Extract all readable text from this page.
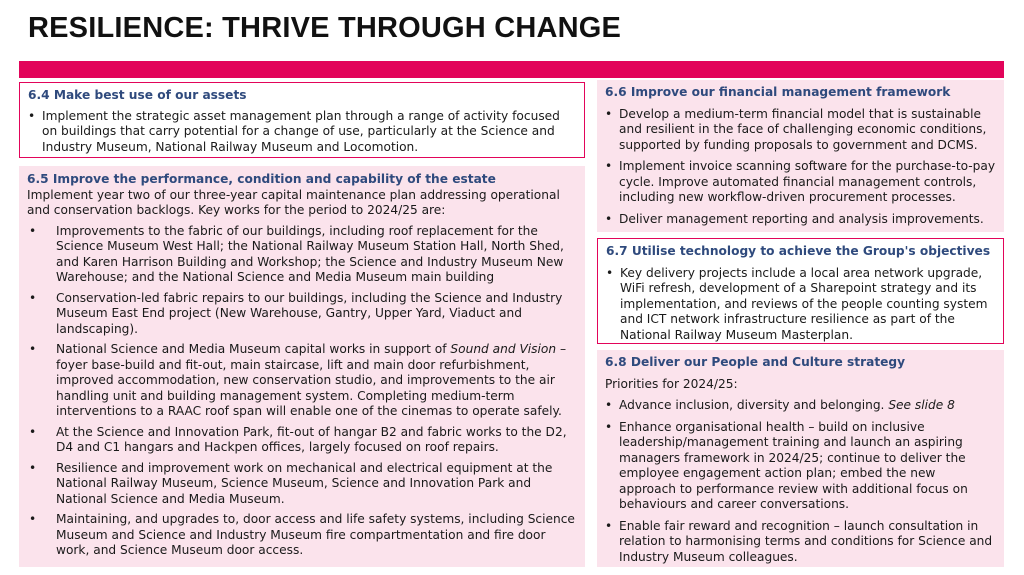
RESILIENCE: THRIVE THROUGH CHANGE
6.4 Make best use of our assets
• Implement the strategic asset management plan through a range of activity focused on buildings that carry potential for a change of use, particularly at the Science and Industry Museum, National Railway Museum and Locomotion.
6.5 Improve the performance, condition and capability of the estate
Implement year two of our three-year capital maintenance plan addressing operational and conservation backlogs. Key works for the period to 2024/25 are:
• Improvements to the fabric of our buildings, including roof replacement for the Science Museum West Hall; the National Railway Museum Station Hall, North Shed, and Karen Harrison Building and Workshop; the Science and Industry Museum New Warehouse; and the National Science and Media Museum main building
• Conservation-led fabric repairs to our buildings, including the Science and Industry Museum East End project (New Warehouse, Gantry, Upper Yard, Viaduct and landscaping).
• National Science and Media Museum capital works in support of Sound and Vision – foyer base-build and fit-out, main staircase, lift and main door refurbishment, improved accommodation, new conservation studio, and improvements to the air handling unit and building management system. Completing medium-term interventions to a RAAC roof span will enable one of the cinemas to operate safely.
• At the Science and Innovation Park, fit-out of hangar B2 and fabric works to the D2, D4 and C1 hangars and Hackpen offices, largely focused on roof repairs.
• Resilience and improvement work on mechanical and electrical equipment at the National Railway Museum, Science Museum, Science and Innovation Park and National Science and Media Museum.
• Maintaining, and upgrades to, door access and life safety systems, including Science Museum and Science and Industry Museum fire compartmentation and fire door work, and Science Museum door access.
6.6 Improve our financial management framework
• Develop a medium-term financial model that is sustainable and resilient in the face of challenging economic conditions, supported by funding proposals to government and DCMS.
• Implement invoice scanning software for the purchase-to-pay cycle. Improve automated financial management controls, including new workflow-driven procurement processes.
• Deliver management reporting and analysis improvements.
6.7 Utilise technology to achieve the Group's objectives
• Key delivery projects include a local area network upgrade, WiFi refresh, development of a Sharepoint strategy and its implementation, and reviews of the people counting system and ICT network infrastructure resilience as part of the National Railway Museum Masterplan.
6.8 Deliver our People and Culture strategy
Priorities for 2024/25:
• Advance inclusion, diversity and belonging. See slide 8
• Enhance organisational health – build on inclusive leadership/management training and launch an aspiring managers framework in 2024/25; continue to deliver the employee engagement action plan; embed the new approach to performance review with additional focus on behaviours and career conversations.
• Enable fair reward and recognition – launch consultation in relation to harmonising terms and conditions for Science and Industry Museum colleagues.
